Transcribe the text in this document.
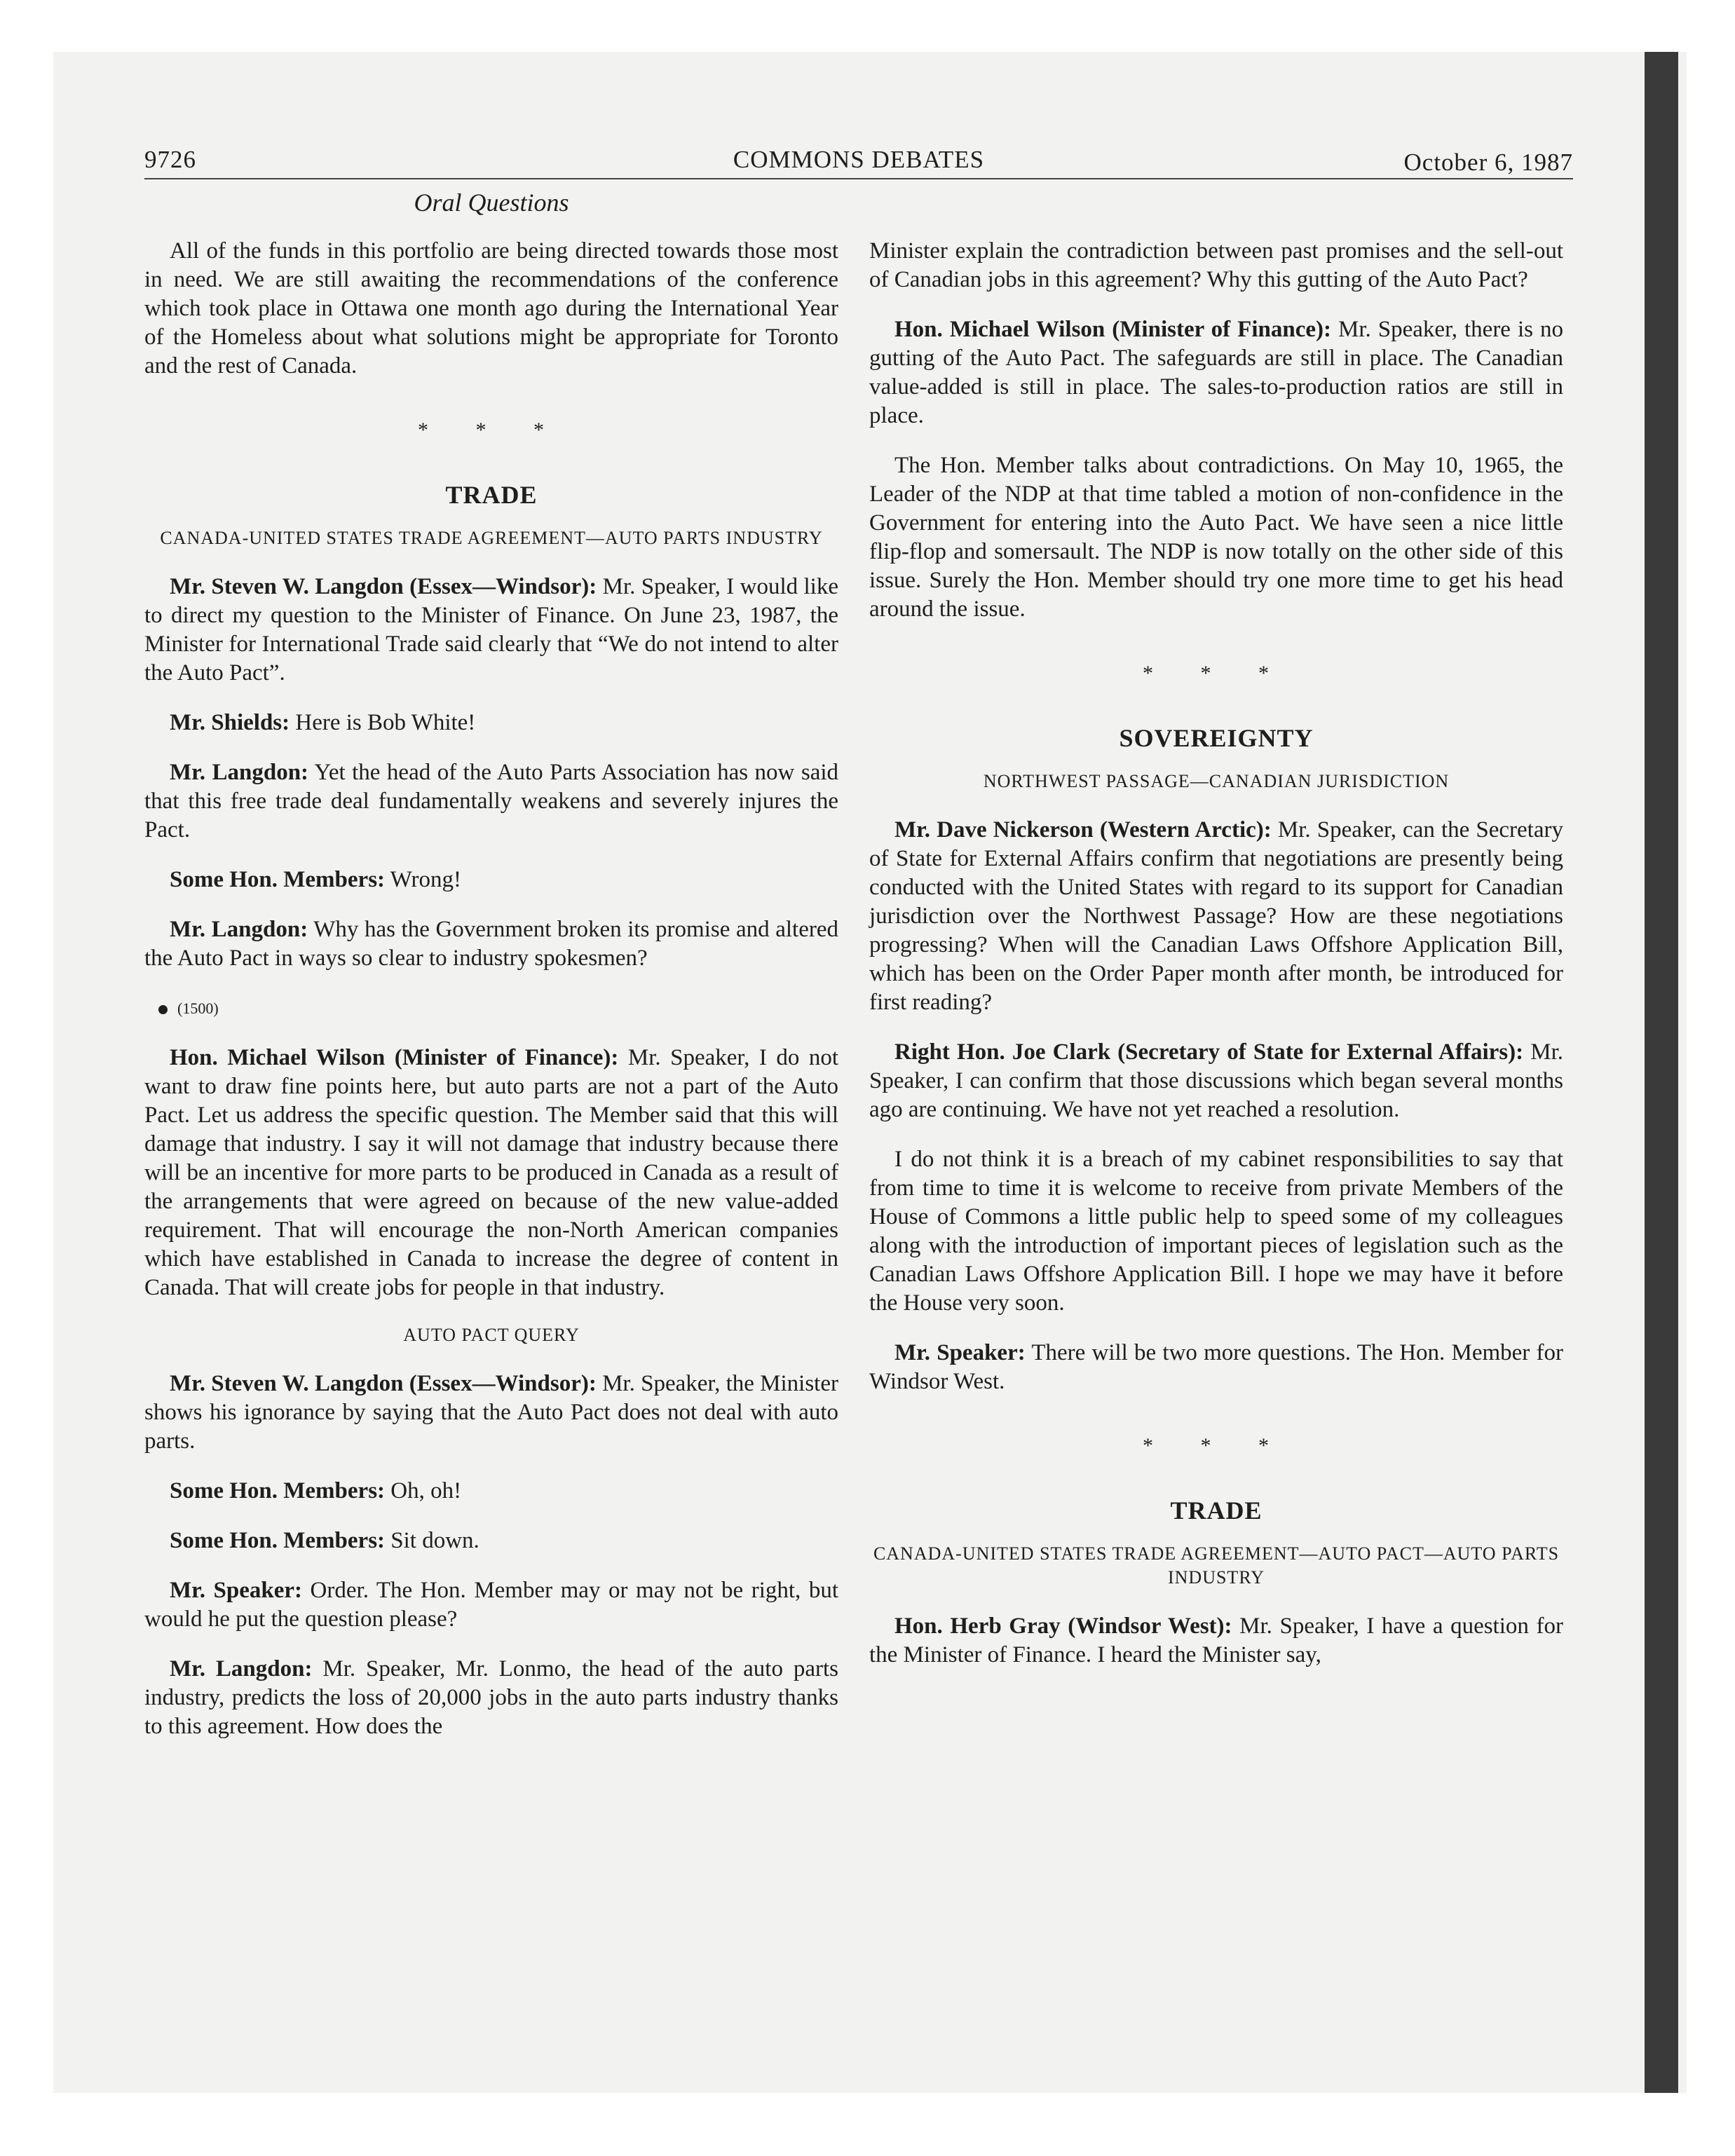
9726	COMMONS DEBATES	October 6, 1987
Oral Questions

All of the funds in this portfolio are being directed towards those most in need. We are still awaiting the recommendations of the conference which took place in Ottawa one month ago during the International Year of the Homeless about what solutions might be appropriate for Toronto and the rest of Canada.

* * *
TRADE
CANADA-UNITED STATES TRADE AGREEMENT—AUTO PARTS INDUSTRY

Mr. Steven W. Langdon (Essex—Windsor): Mr. Speaker, I would like to direct my question to the Minister of Finance. On June 23, 1987, the Minister for International Trade said clearly that “We do not intend to alter the Auto Pact”.

Mr. Shields: Here is Bob White!

Mr. Langdon: Yet the head of the Auto Parts Association has now said that this free trade deal fundamentally weakens and severely injures the Pact.

Some Hon. Members: Wrong!

Mr. Langdon: Why has the Government broken its promise and altered the Auto Pact in ways so clear to industry spokesmen?

(1500)

Hon. Michael Wilson (Minister of Finance): Mr. Speaker, I do not want to draw fine points here, but auto parts are not a part of the Auto Pact. Let us address the specific question. The Member said that this will damage that industry. I say it will not damage that industry because there will be an incentive for more parts to be produced in Canada as a result of the arrangements that were agreed on because of the new value-added requirement. That will encourage the non-North American companies which have established in Canada to increase the degree of content in Canada. That will create jobs for people in that industry.

AUTO PACT QUERY

Mr. Steven W. Langdon (Essex—Windsor): Mr. Speaker, the Minister shows his ignorance by saying that the Auto Pact does not deal with auto parts.

Some Hon. Members: Oh, oh!

Some Hon. Members: Sit down.

Mr. Speaker: Order. The Hon. Member may or may not be right, but would he put the question please?

Mr. Langdon: Mr. Speaker, Mr. Lonmo, the head of the auto parts industry, predicts the loss of 20,000 jobs in the auto parts industry thanks to this agreement. How does the

Minister explain the contradiction between past promises and the sell-out of Canadian jobs in this agreement? Why this gutting of the Auto Pact?

Hon. Michael Wilson (Minister of Finance): Mr. Speaker, there is no gutting of the Auto Pact. The safeguards are still in place. The Canadian value-added is still in place. The sales-to-production ratios are still in place.

The Hon. Member talks about contradictions. On May 10, 1965, the Leader of the NDP at that time tabled a motion of non-confidence in the Government for entering into the Auto Pact. We have seen a nice little flip-flop and somersault. The NDP is now totally on the other side of this issue. Surely the Hon. Member should try one more time to get his head around the issue.

* * *
SOVEREIGNTY
NORTHWEST PASSAGE—CANADIAN JURISDICTION

Mr. Dave Nickerson (Western Arctic): Mr. Speaker, can the Secretary of State for External Affairs confirm that negotiations are presently being conducted with the United States with regard to its support for Canadian jurisdiction over the Northwest Passage? How are these negotiations progressing? When will the Canadian Laws Offshore Application Bill, which has been on the Order Paper month after month, be introduced for first reading?

Right Hon. Joe Clark (Secretary of State for External Affairs): Mr. Speaker, I can confirm that those discussions which began several months ago are continuing. We have not yet reached a resolution.

I do not think it is a breach of my cabinet responsibilities to say that from time to time it is welcome to receive from private Members of the House of Commons a little public help to speed some of my colleagues along with the introduction of important pieces of legislation such as the Canadian Laws Offshore Application Bill. I hope we may have it before the House very soon.

Mr. Speaker: There will be two more questions. The Hon. Member for Windsor West.

* * *
TRADE
CANADA-UNITED STATES TRADE AGREEMENT—AUTO PACT—AUTO PARTS INDUSTRY

Hon. Herb Gray (Windsor West): Mr. Speaker, I have a question for the Minister of Finance. I heard the Minister say,
